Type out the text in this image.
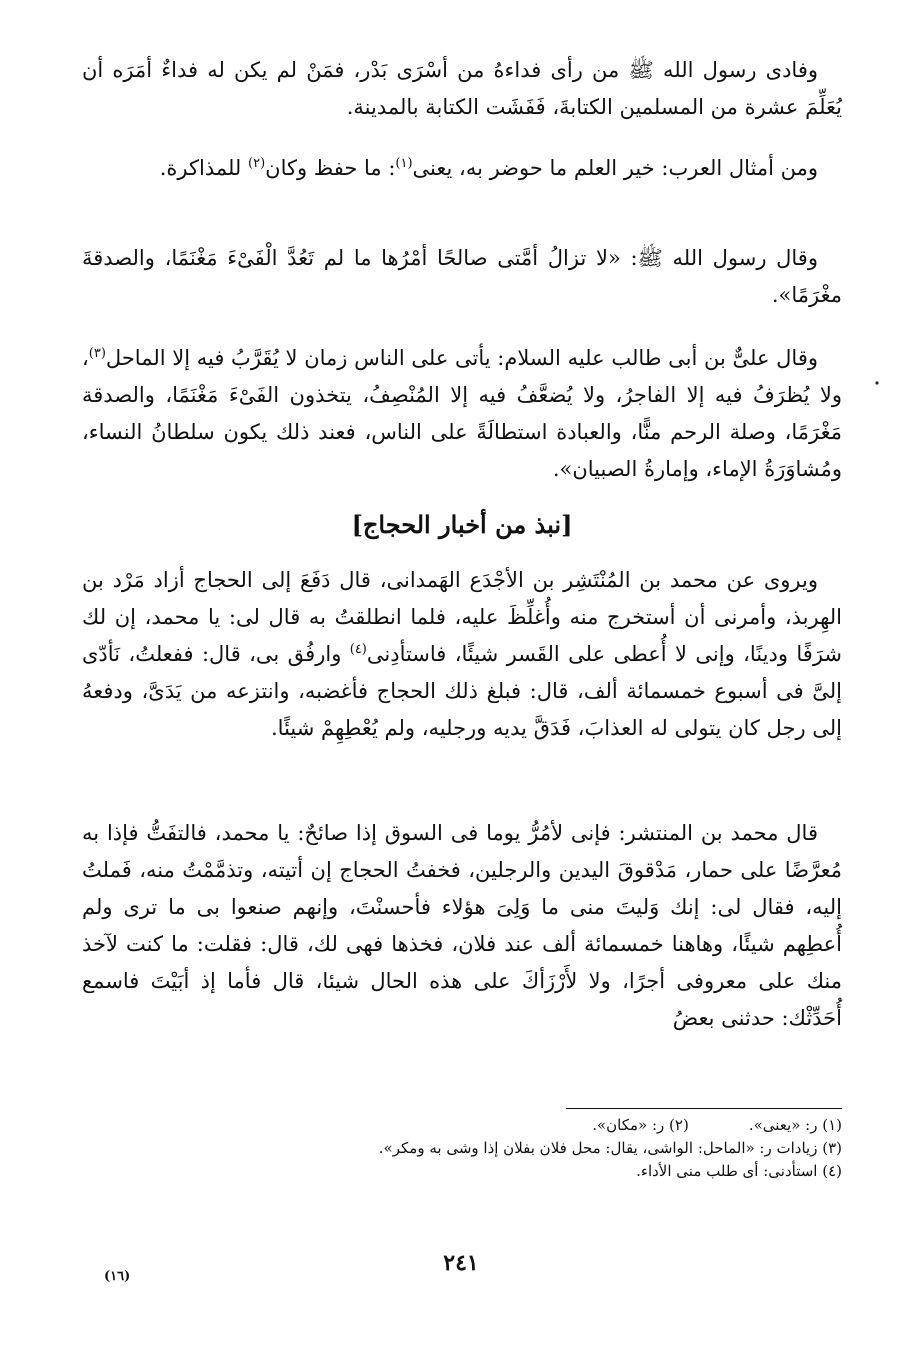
وفادى رسول الله ﷺ من رأى فداءهُ من أسْرَى بَدْر، فمَنْ لم يكن له فداءٌ أمَرَه أن يُعَلِّمَ عشرة من المسلمين الكتابةَ، فَفَشَت الكتابة بالمدينة.

ومن أمثال العرب: خير العلم ما حوضر به، يعنى$^{(١)}$: ما حفظ وكان$^{(٢)}$ للمذاكرة.

وقال رسول الله ﷺ: «لا تزالُ أمَّتى صالحًا أمْرُها ما لم تَعُدَّ الْفَىْءَ مَغْنَمًا، والصدقةَ مغْرَمًا».

وقال علىٌّ بن أبى طالب عليه السلام: يأتى على الناس زمان لا يُقَرَّبُ فيه إلا الماحل$^{(٣)}$، ولا يُظرَفُ فيه إلا الفاجرُ، ولا يُضعَّفُ فيه إلا المُنْصِفُ، يتخذون الفَىْءَ مَغْنَمًا، والصدقة مَغْرَمًا، وصلة الرحم منًّا، والعبادة استطالَةً على الناس، فعند ذلك يكون سلطانُ النساء، ومُشاوَرَةُ الإماء، وإمارةُ الصبيان».

[نبذ من أخبار الحجاج]

ويروى عن محمد بن المُنْتَشِر بن الأجْدَع الهَمدانى، قال دَفَعَ إلى الحجاج أزاد مَرْد بن الهِربذ، وأمرنى أن أستخرج منه وأُغلِّظَ عليه، فلما انطلقتُ به قال لى: يا محمد، إن لك شرَفًا ودينًا، وإنى لا أُعطى على القَسر شيئًا، فاستأدِنى$^{(٤)}$ وارفُق بى، قال: ففعلتُ، نَأدّى إلىَّ فى أسبوع خمسمائة ألف، قال: فبلغ ذلك الحجاج فأغضبه، وانتزعه من يَدَىَّ، ودفعهُ إلى رجل كان يتولى له العذابَ، فَدَقَّ يديه ورجليه، ولم يُعْطِهِمْ شيئًا.

قال محمد بن المنتشر: فإنى لأمُرُّ يوما فى السوق إذا صائحٌ: يا محمد، فالتفَتُّ فإذا به مُعرَّضًا على حمار، مَدْقوقَ اليدين والرجلين، فخفتُ الحجاج إن أتيته، وتذمَّمْتُ منه، فَملتُ إليه، فقال لى: إنك وَليتَ منى ما وَلِىَ هؤلاء فأحسنْتَ، وإنهم صنعوا بى ما ترى ولم أُعطِهم شيئًا، وهاهنا خمسمائة ألف عند فلان، فخذها فهى لك، قال: فقلت: ما كنت لآخذ منك على معروفى أجرًا، ولا لأَرْزَأكَ على هذه الحال شيئا، قال فأما إذ أبَيْتَ فاسمع أُحَدِّثْك: حدثنى بعضُ

(١) ر: «يعنى».(٢) ر: «مكان».
(٣) زيادات ر: «الماحل: الواشى، يقال: محل فلان بفلان إذا وشى به ومكر».
(٤) استأدنى: أى طلب منى الأداء.
٢٤١
(١٦)
